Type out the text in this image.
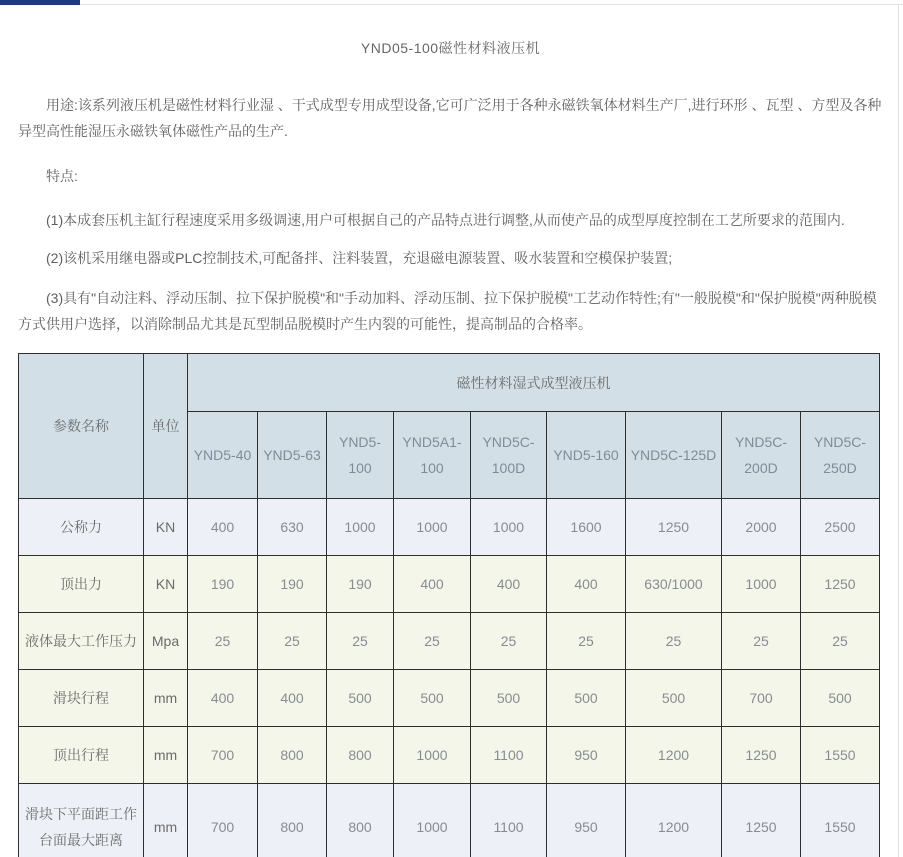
YND05-100磁性材料液压机

用途:该系列液压机是磁性材料行业湿 、干式成型专用成型设备,它可广泛用于各种永磁铁氧体材料生产厂,进行环形 、瓦型 、方型及各种异型高性能湿压永磁铁氧体磁性产品的生产.

特点:

(1)本成套压机主缸行程速度采用多级调速,用户可根据自己的产品特点进行调整,从而使产品的成型厚度控制在工艺所要求的范围内.

(2)该机采用继电器或PLC控制技术,可配备拌、注料装置，充退磁电源装置、吸水装置和空模保护装置;

(3)具有"自动注料、浮动压制、拉下保护脱模"和"手动加料、浮动压制、拉下保护脱模"工艺动作特性;有"一般脱模"和"保护脱模"两种脱模方式供用户选择，以消除制品尤其是瓦型制品脱模时产生内裂的可能性，提高制品的合格率。

参数名称	单位	磁性材料湿式成型液压机								
		YND5-40	YND5-63	YND5-100	YND5A1-100	YND5C-100D	YND5-160	YND5C-125D	YND5C-200D	YND5C-250D
公称力	KN	400	630	1000	1000	1000	1600	1250	2000	2500
顶出力	KN	190	190	190	400	400	400	630/1000	1000	1250
液体最大工作压力	Mpa	25	25	25	25	25	25	25	25	25
滑块行程	mm	400	400	500	500	500	500	500	700	500
顶出行程	mm	700	800	800	1000	1100	950	1200	1250	1550
滑块下平面距工作台面最大距离	mm	700	800	800	1000	1100	950	1200	1250	1550
